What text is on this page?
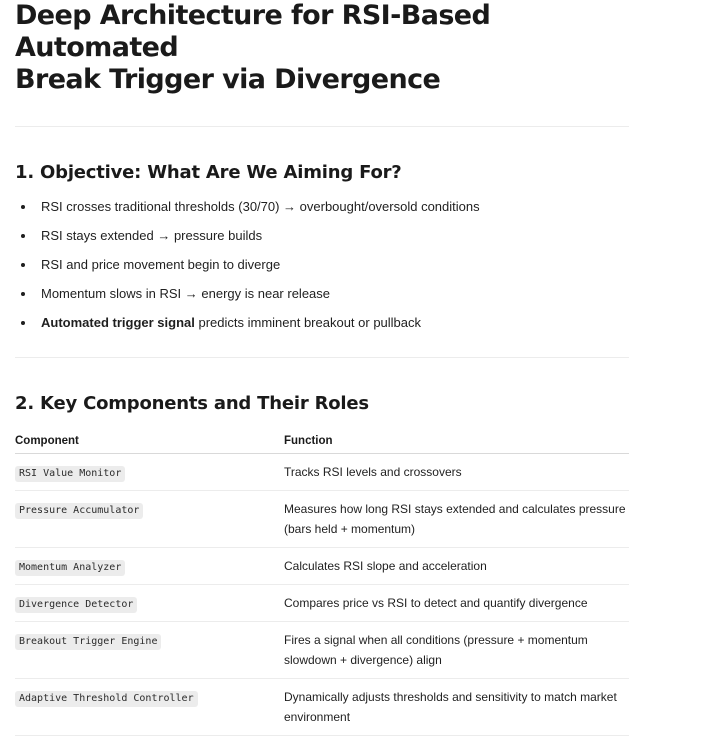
Deep Architecture for RSI-Based Automated
Break Trigger via Divergence
1. Objective: What Are We Aiming For?
RSI crosses traditional thresholds (30/70) → overbought/oversold conditions
RSI stays extended → pressure builds
RSI and price movement begin to diverge
Momentum slows in RSI → energy is near release
Automated trigger signal predicts imminent breakout or pullback
2. Key Components and Their Roles
Component	Function
RSI Value Monitor	Tracks RSI levels and crossovers
Pressure Accumulator	Measures how long RSI stays extended and calculates pressure (bars held + momentum)
Momentum Analyzer	Calculates RSI slope and acceleration
Divergence Detector	Compares price vs RSI to detect and quantify divergence
Breakout Trigger Engine	Fires a signal when all conditions (pressure + momentum slowdown + divergence) align
Adaptive Threshold Controller	Dynamically adjusts thresholds and sensitivity to match market environment
